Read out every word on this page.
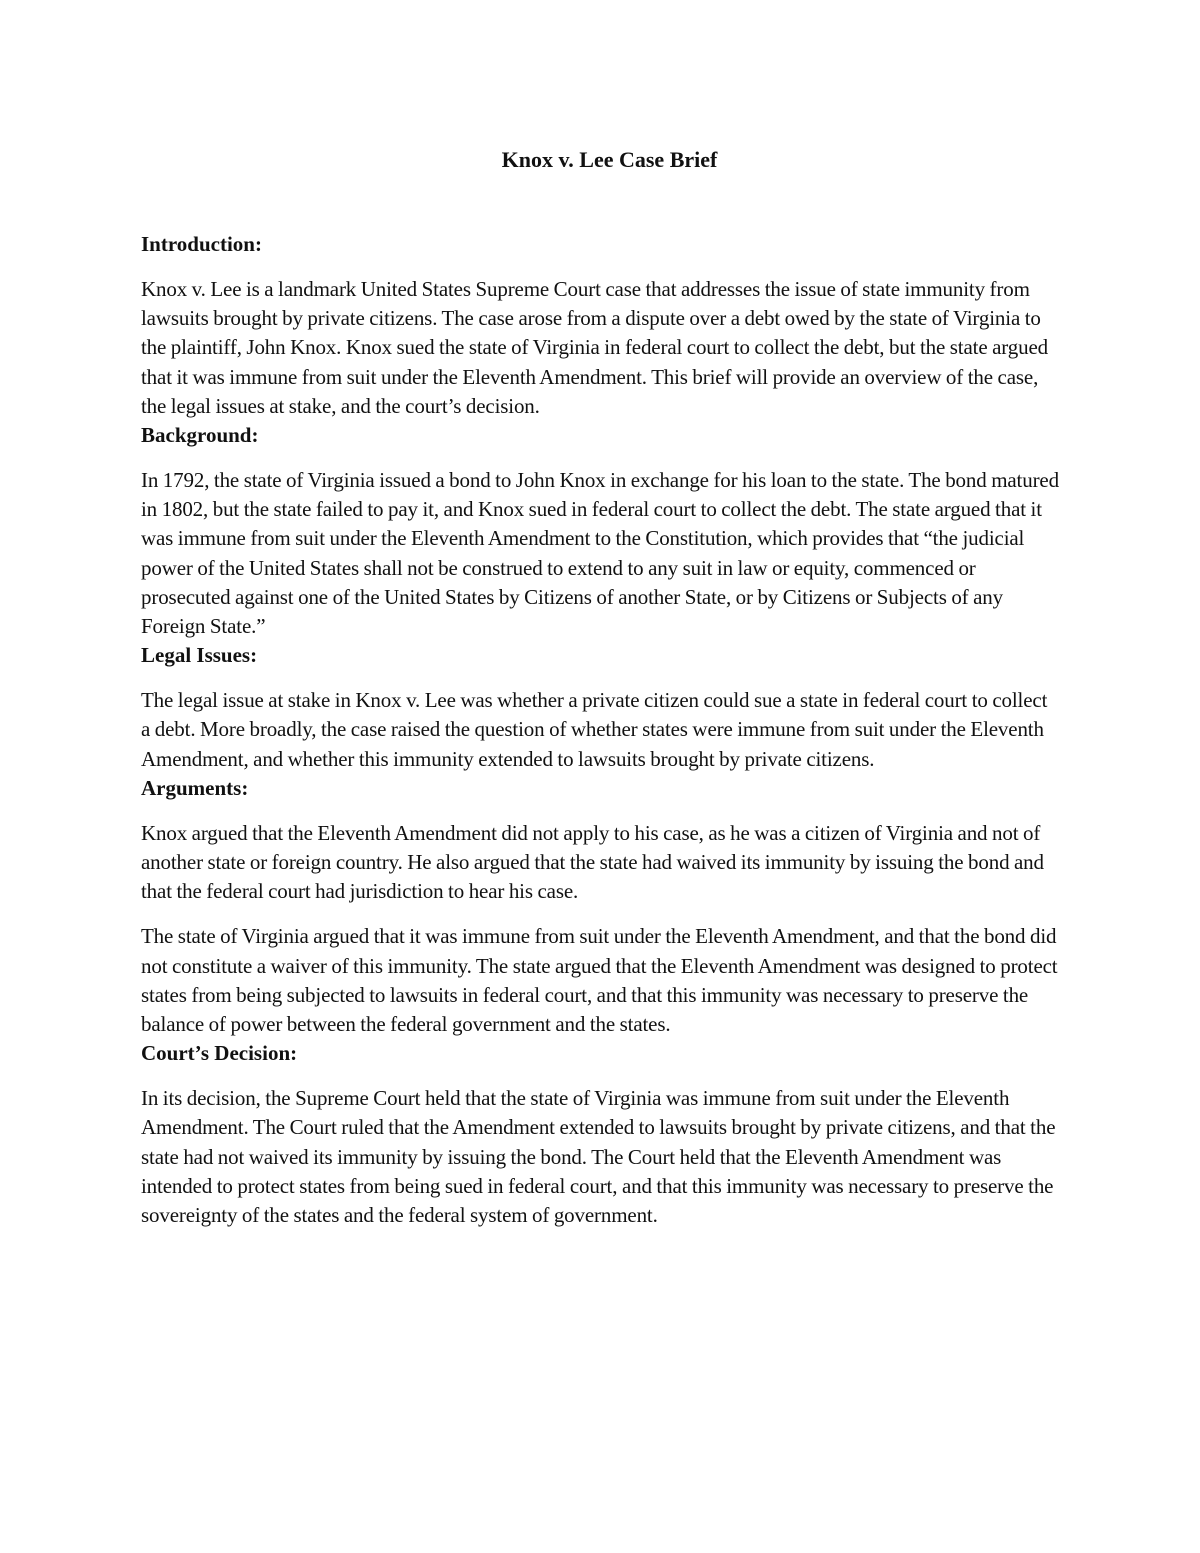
Knox v. Lee Case Brief
Introduction:

Knox v. Lee is a landmark United States Supreme Court case that addresses the issue of state immunity from lawsuits brought by private citizens. The case arose from a dispute over a debt owed by the state of Virginia to the plaintiff, John Knox. Knox sued the state of Virginia in federal court to collect the debt, but the state argued that it was immune from suit under the Eleventh Amendment. This brief will provide an overview of the case, the legal issues at stake, and the court’s decision.

Background:

In 1792, the state of Virginia issued a bond to John Knox in exchange for his loan to the state. The bond matured in 1802, but the state failed to pay it, and Knox sued in federal court to collect the debt. The state argued that it was immune from suit under the Eleventh Amendment to the Constitution, which provides that “the judicial power of the United States shall not be construed to extend to any suit in law or equity, commenced or prosecuted against one of the United States by Citizens of another State, or by Citizens or Subjects of any Foreign State.”

Legal Issues:

The legal issue at stake in Knox v. Lee was whether a private citizen could sue a state in federal court to collect a debt. More broadly, the case raised the question of whether states were immune from suit under the Eleventh Amendment, and whether this immunity extended to lawsuits brought by private citizens.

Arguments:

Knox argued that the Eleventh Amendment did not apply to his case, as he was a citizen of Virginia and not of another state or foreign country. He also argued that the state had waived its immunity by issuing the bond and that the federal court had jurisdiction to hear his case.

The state of Virginia argued that it was immune from suit under the Eleventh Amendment, and that the bond did not constitute a waiver of this immunity. The state argued that the Eleventh Amendment was designed to protect states from being subjected to lawsuits in federal court, and that this immunity was necessary to preserve the balance of power between the federal government and the states.

Court’s Decision:

In its decision, the Supreme Court held that the state of Virginia was immune from suit under the Eleventh Amendment. The Court ruled that the Amendment extended to lawsuits brought by private citizens, and that the state had not waived its immunity by issuing the bond. The Court held that the Eleventh Amendment was intended to protect states from being sued in federal court, and that this immunity was necessary to preserve the sovereignty of the states and the federal system of government.
